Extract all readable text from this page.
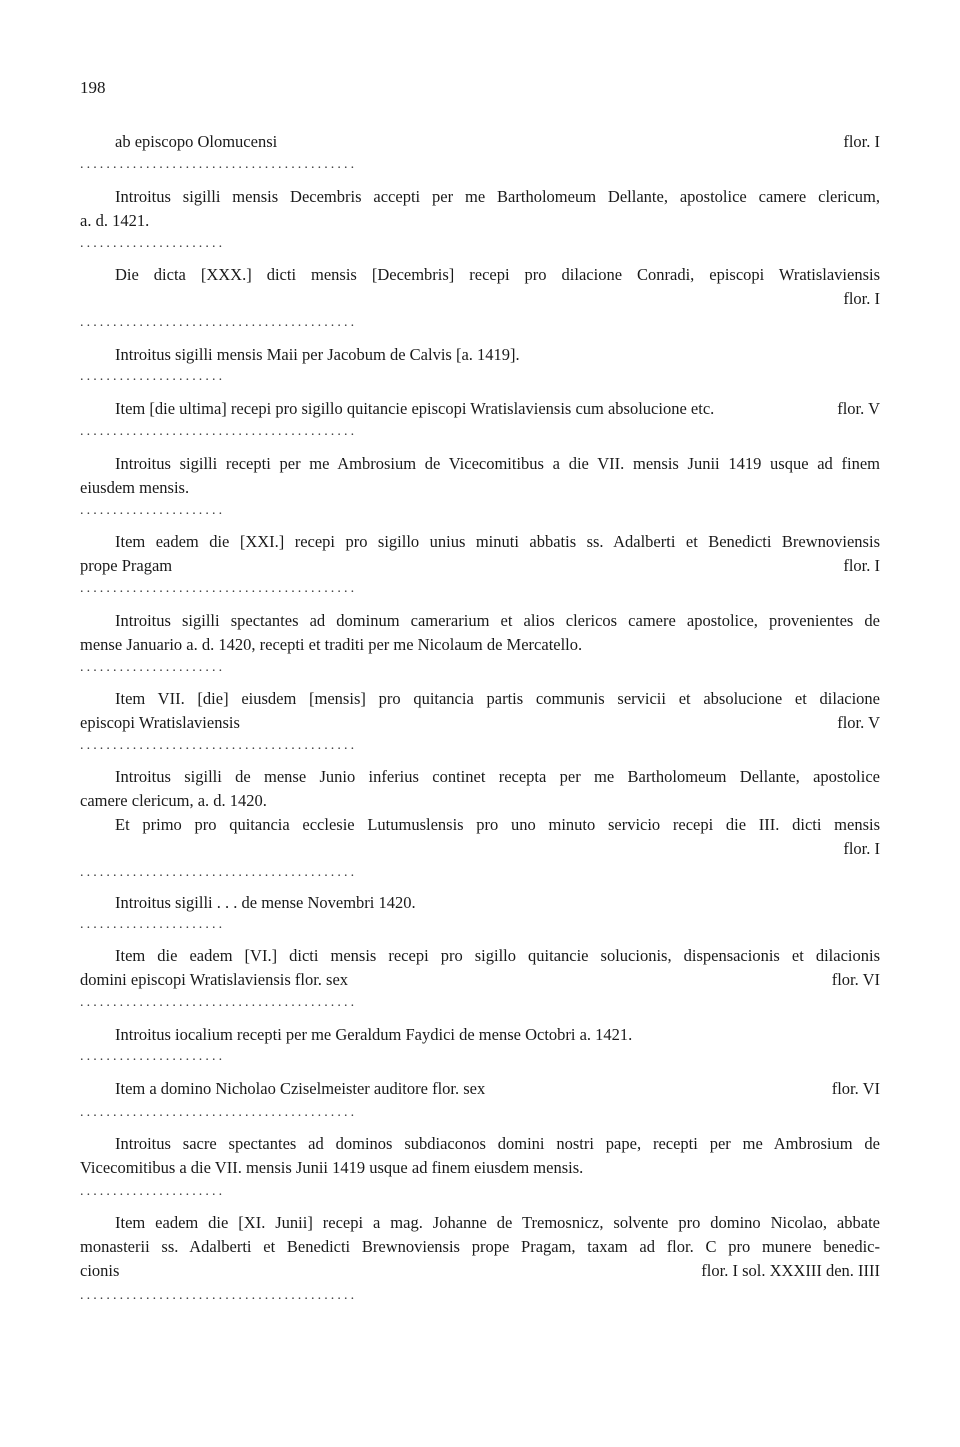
198
ab episcopo Olomucensi	flor. I
..........................................
Introitus sigilli mensis Decembris accepti per me Bartholomeum Dellante, apostolice camere clericum,
a. d. 1421.
......................
Die dicta [XXX.] dicti mensis [Decembris] recepi pro dilacione Conradi, episcopi Wratislaviensis
flor. I
..........................................
Introitus sigilli mensis Maii per Jacobum de Calvis [a. 1419].
......................
Item [die ultima] recepi pro sigillo quitancie episcopi Wratislaviensis cum absolucione etc.	flor. V
..........................................
Introitus sigilli recepti per me Ambrosium de Vicecomitibus a die VII. mensis Junii 1419 usque ad finem
eiusdem mensis.
......................
Item eadem die [XXI.] recepi pro sigillo unius minuti abbatis ss. Adalberti et Benedicti Brewnoviensis
prope Pragam	flor. I
..........................................
Introitus sigilli spectantes ad dominum camerarium et alios clericos camere apostolice, provenientes de
mense Januario a. d. 1420, recepti et traditi per me Nicolaum de Mercatello.
......................
Item VII. [die] eiusdem [mensis] pro quitancia partis communis servicii et absolucione et dilacione
episcopi Wratislaviensis	flor. V
..........................................
Introitus sigilli de mense Junio inferius continet recepta per me Bartholomeum Dellante, apostolice
camere clericum, a. d. 1420.
Et primo pro quitancia ecclesie Lutumuslensis pro uno minuto servicio recepi die III. dicti mensis
flor. I
..........................................
Introitus sigilli . . . de mense Novembri 1420.
......................
Item die eadem [VI.] dicti mensis recepi pro sigillo quitancie solucionis, dispensacionis et dilacionis
domini episcopi Wratislaviensis flor. sex	flor. VI
..........................................
Introitus iocalium recepti per me Geraldum Faydici de mense Octobri a. 1421.
......................
Item a domino Nicholao Cziselmeister auditore flor. sex	flor. VI
..........................................
Introitus sacre spectantes ad dominos subdiaconos domini nostri pape, recepti per me Ambrosium de
Vicecomitibus a die VII. mensis Junii 1419 usque ad finem eiusdem mensis.
......................
Item eadem die [XI. Junii] recepi a mag. Johanne de Tremosnicz, solvente pro domino Nicolao, abbate
monasterii ss. Adalberti et Benedicti Brewnoviensis prope Pragam, taxam ad flor. C pro munere benedic-
cionis	flor. I sol. XXXIII den. IIII
..........................................
